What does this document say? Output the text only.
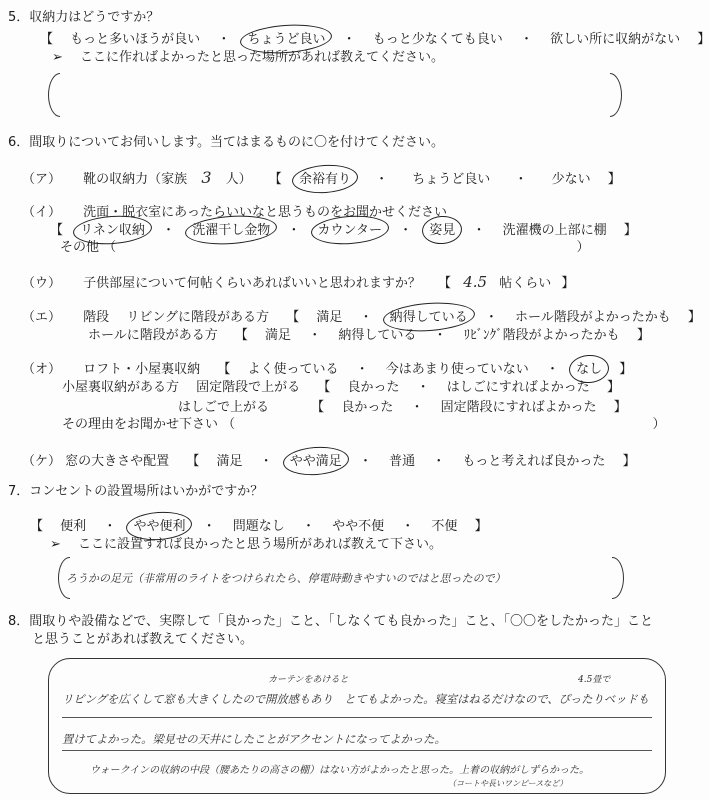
5．収納力はどうですか？
【 もっと多いほうが良い ・ ちょうど良い ・ もっと少なくても良い ・ 欲しい所に収納がない 】
➢ ここに作ればよかったと思った場所があれば教えてください。
6．間取りについてお伺いします。当てはまるものに〇を付けてください。
（ア） 靴の収納力（家族 3 人） 【 余裕有り ・ ちょうど良い ・ 少ない 】
（イ） 洗面・脱衣室にあったらいいなと思うものをお聞かせください
【 リネン収納 ・ 洗濯干し金物 ・ カウンター ・ 姿見 ・ 洗濯機の上部に棚 】
その他 （	）
（ウ） 子供部屋について何帖くらいあればいいと思われますか？ 【 4.5 帖くらい 】
（エ） 階段 リビングに階段がある方 【 満足 ・ 納得している ・ ホール階段がよかったかも 】
ホールに階段がある方 【 満足 ・ 納得している ・ ﾘﾋﾞﾝｸﾞ階段がよかったかも 】
（オ） ロフト・小屋裏収納 【 よく使っている ・ 今はあまり使っていない ・ なし 】
小屋裏収納がある方 固定階段で上がる 【 良かった ・ はしごにすればよかった 】
はしごで上がる	【 良かった ・ 固定階段にすればよかった 】
その理由をお聞かせ下さい （	）
（ケ） 窓の大きさや配置 【 満足 ・ やや満足 ・ 普通 ・ もっと考えれば良かった 】
7．コンセントの設置場所はいかがですか？
【 便利 ・ やや便利 ・ 問題なし ・ やや不便 ・ 不便 】
➢ ここに設置すれば良かったと思う場所があれば教えて下さい。
ろうかの足元（非常用のライトをつけられたら、停電時動きやすいのではと思ったので）
8．間取りや設備などで、実際して「良かった」こと、「しなくても良かった」こと、「〇〇をしたかった」こと
と思うことがあれば教えてください。
カーテンをあけると	4.5畳で
リビングを広くして窓も大きくしたので開放感もあり　とてもよかった。寝室はねるだけなので、ぴったりベッドも
置けてよかった。梁見せの天井にしたことがアクセントになってよかった。
ウォークインの収納の中段（腰あたりの高さの棚）はない方がよかったと思った。上着の収納がしずらかった。
（コートや長いワンピースなど）
